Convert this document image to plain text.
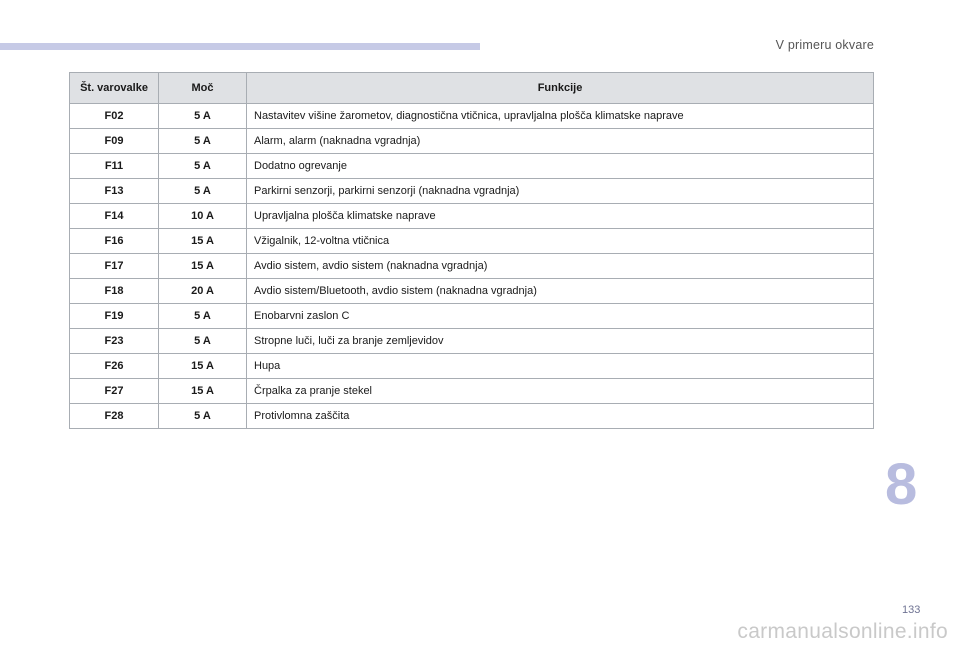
V primeru okvare
Št. varovalke	Moč	Funkcije
F02	5 A	Nastavitev višine žarometov, diagnostična vtičnica, upravljalna plošča klimatske naprave
F09	5 A	Alarm, alarm (naknadna vgradnja)
F11	5 A	Dodatno ogrevanje
F13	5 A	Parkirni senzorji, parkirni senzorji (naknadna vgradnja)
F14	10 A	Upravljalna plošča klimatske naprave
F16	15 A	Vžigalnik, 12-voltna vtičnica
F17	15 A	Avdio sistem, avdio sistem (naknadna vgradnja)
F18	20 A	Avdio sistem/Bluetooth, avdio sistem (naknadna vgradnja)
F19	5 A	Enobarvni zaslon C
F23	5 A	Stropne luči, luči za branje zemljevidov
F26	15 A	Hupa
F27	15 A	Črpalka za pranje stekel
F28	5 A	Protivlomna zaščita
8
133
carmanualsonline.info
